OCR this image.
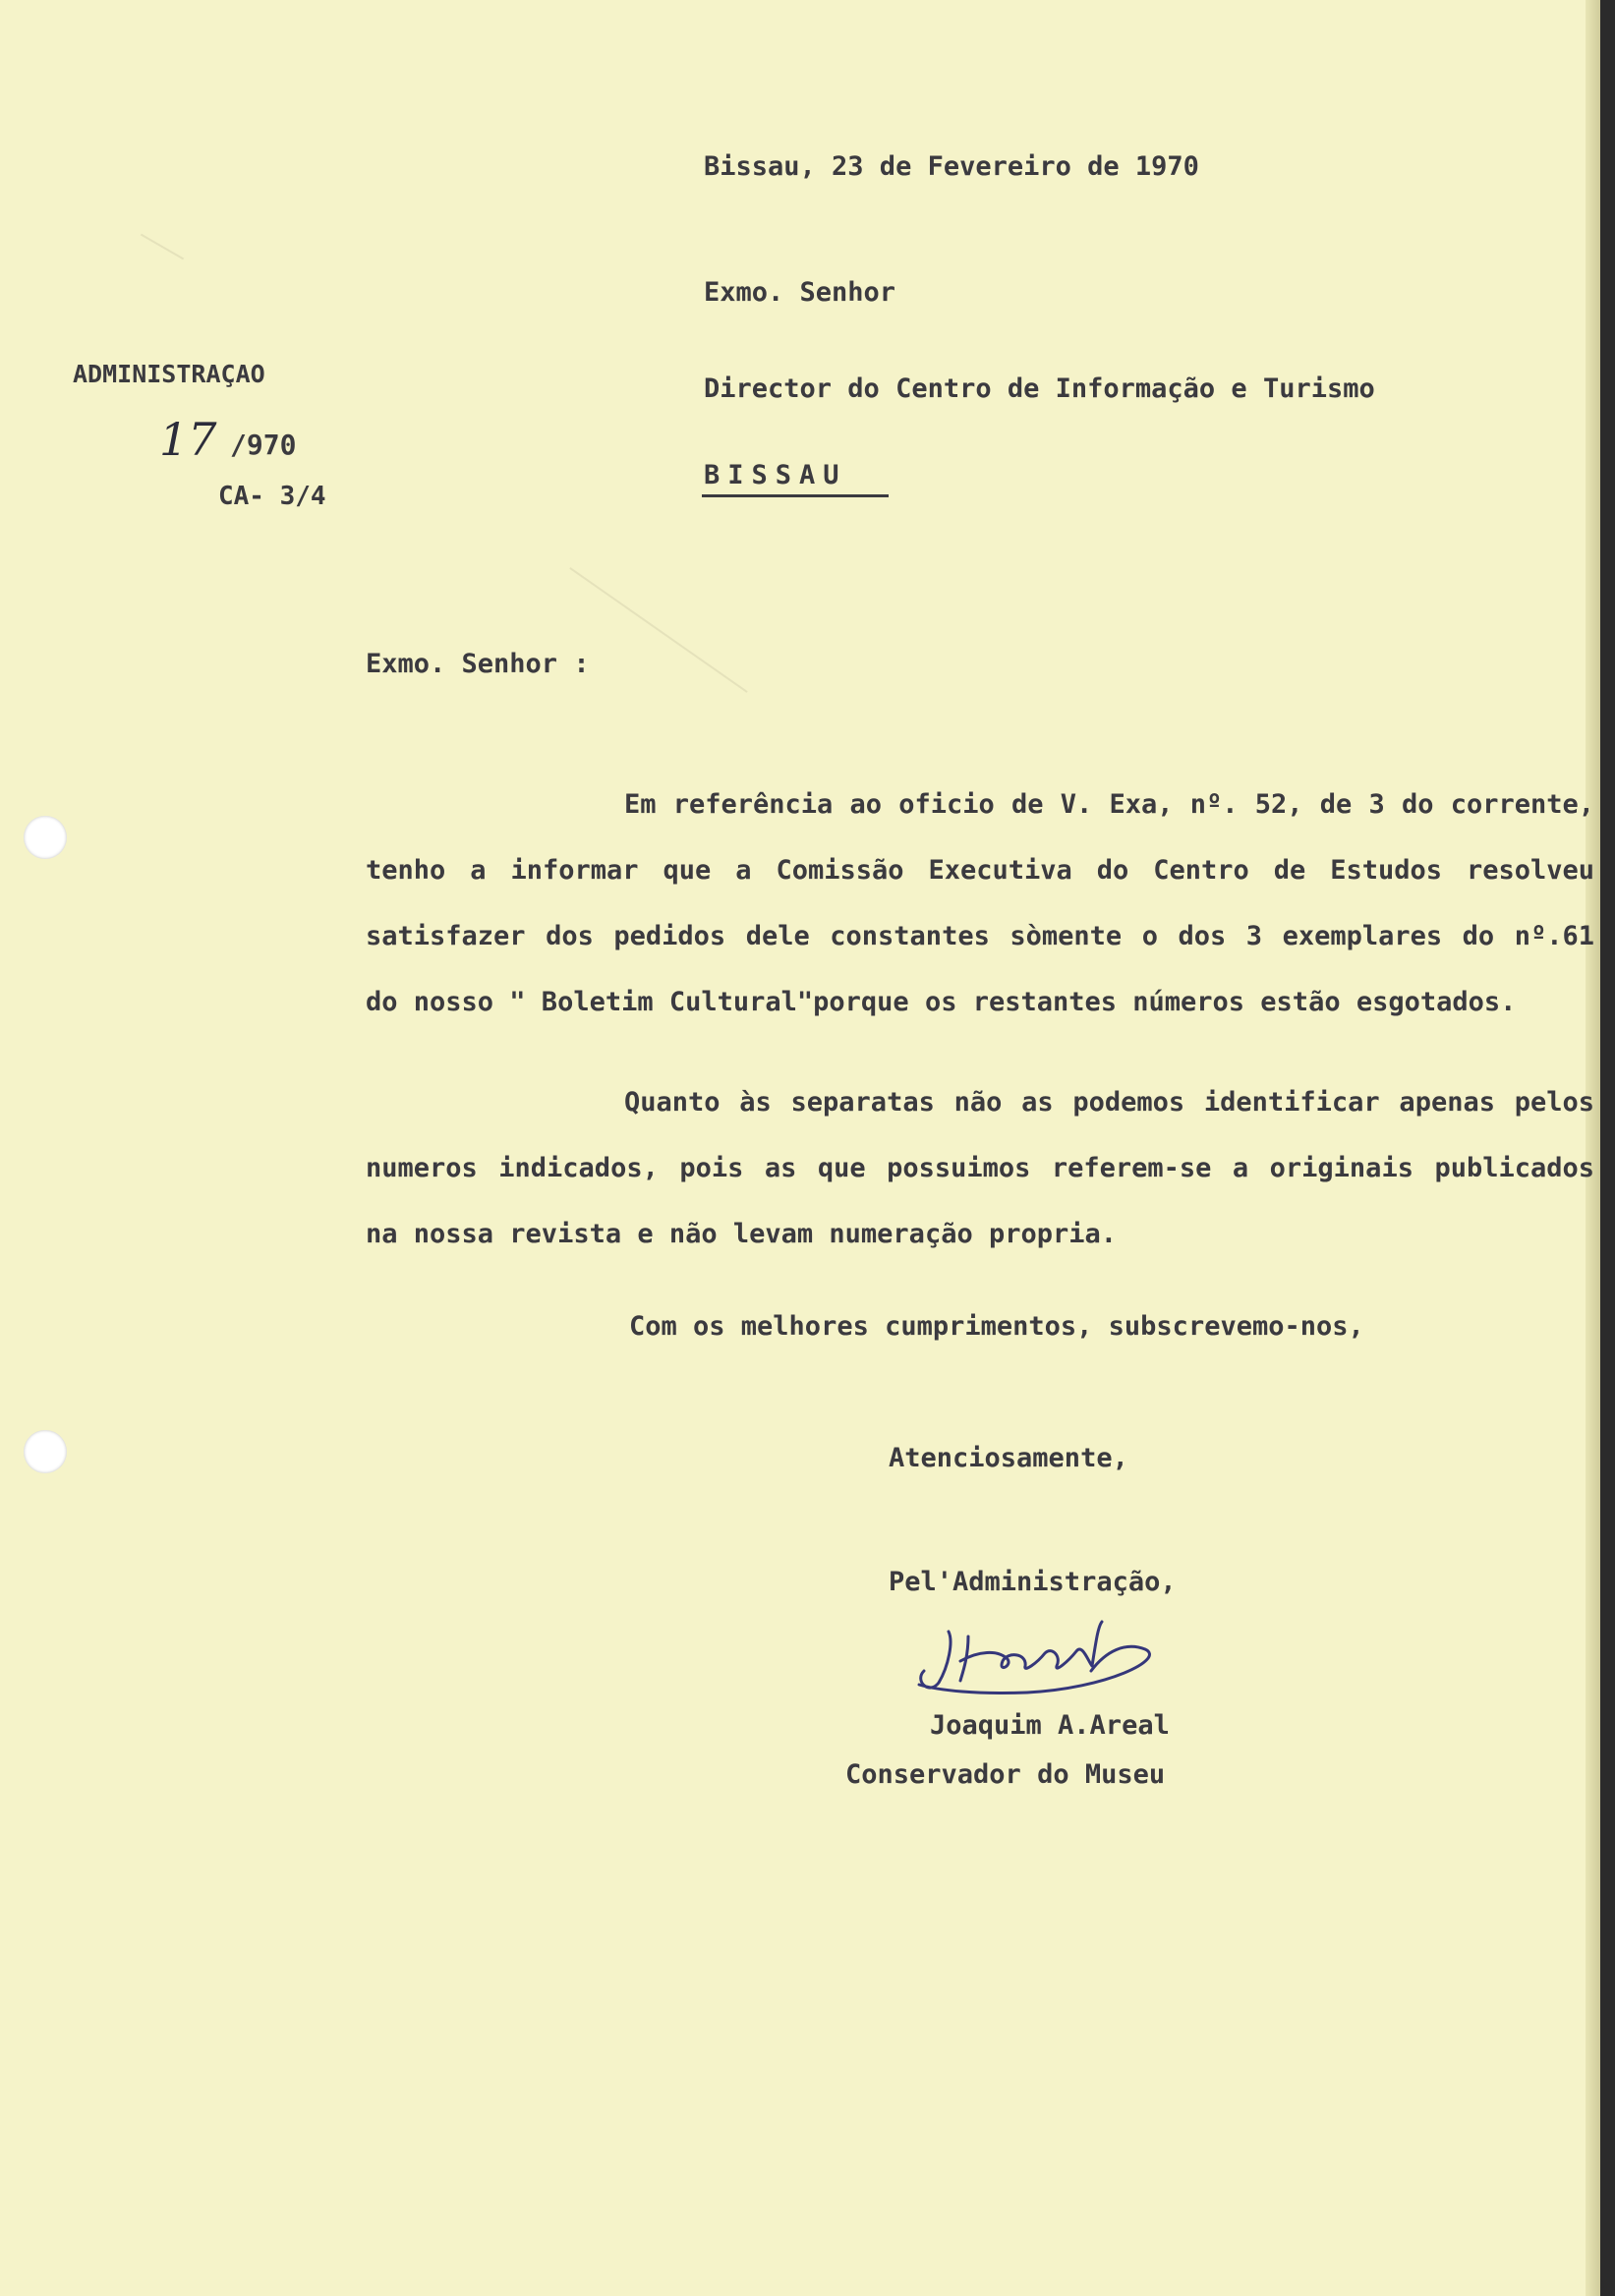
Bissau, 23 de Fevereiro de 1970
Exmo. Senhor
Director do Centro de Informação e Turismo
BISSAU
ADMINISTRAÇAO
17 /970
CA- 3/4
Exmo. Senhor :
Em referência ao oficio de V. Exa, nº. 52, de 3 do corrente, tenho a informar que a Comissão Executiva do Centro de Estudos resolveu satisfazer dos pedidos dele constantes sòmente o dos 3 exemplares do nº.61 do nosso " Boletim Cultural"porque os restantes números estão esgotados.
Quanto às separatas não as podemos identificar apenas pelos numeros indicados, pois as que possuimos referem-se a originais publicados na nossa revista e não levam numeração propria.
Com os melhores cumprimentos, subscrevemo-nos,
Atenciosamente,
Pel'Administração,
Joaquim A.Areal
Conservador do Museu
